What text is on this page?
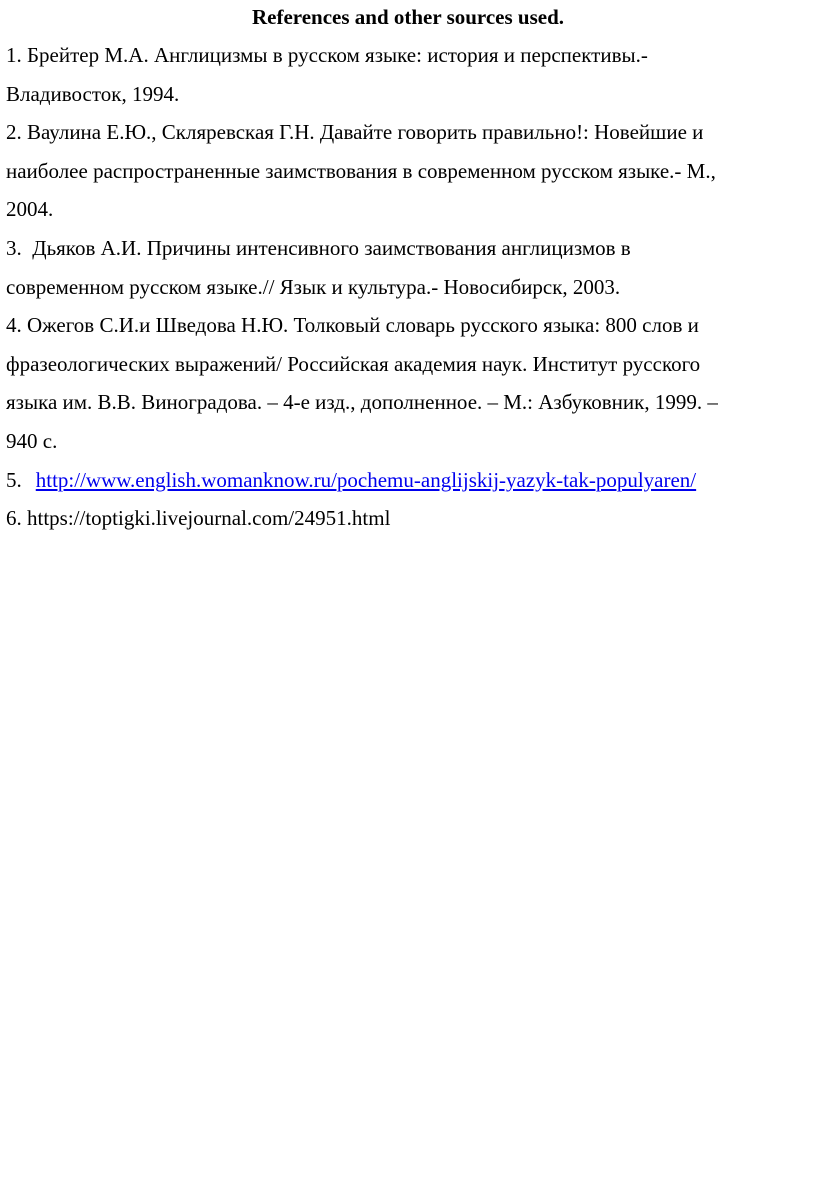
References and other sources used.
1. Брейтер М.А. Англицизмы в русском языке: история и перспективы.-
Владивосток, 1994.
2. Ваулина Е.Ю., Скляревская Г.Н. Давайте говорить правильно!: Новейшие и
наиболее распространенные заимствования в современном русском языке.- М.,
2004.
3.  Дьяков А.И. Причины интенсивного заимствования англицизмов в
современном русском языке.// Язык и культура.- Новосибирск, 2003.
4. Ожегов С.И.и Шведова Н.Ю. Толковый словарь русского языка: 800 слов и
фразеологических выражений/ Российская академия наук. Институт русского
языка им. В.В. Виноградова. – 4-е изд., дополненное. – М.: Азбуковник, 1999. –
940 с.
5. http://www.english.womanknow.ru/pochemu-anglijskij-yazyk-tak-populyaren/
6. https://toptigki.livejournal.com/24951.html
